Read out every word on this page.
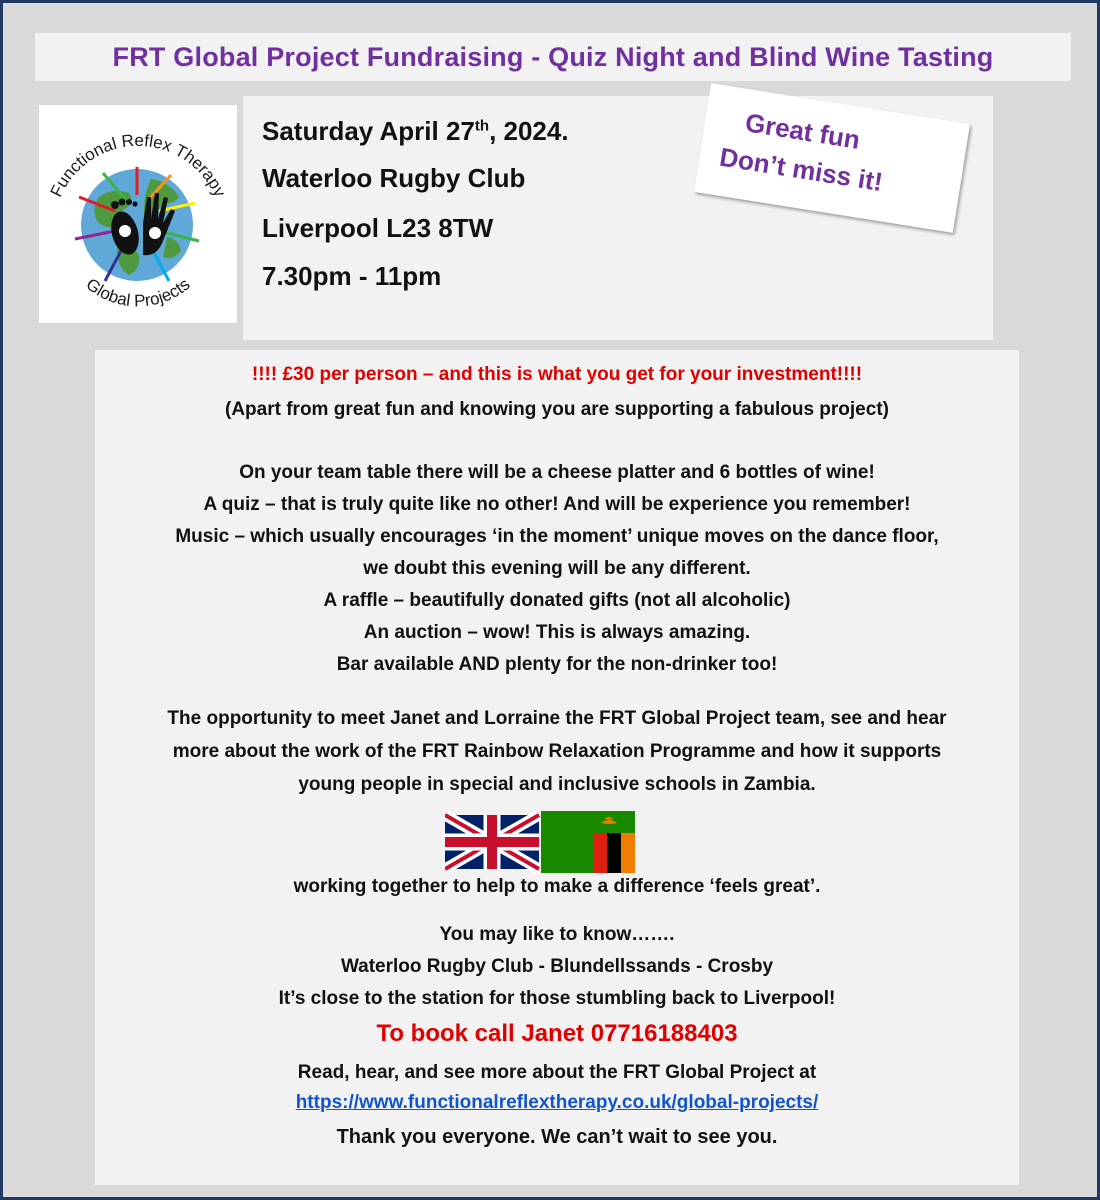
FRT Global Project Fundraising - Quiz Night and Blind Wine Tasting
Functional Reflex Therapy
Global Projects
Saturday April 27th, 2024.
Waterloo Rugby Club
Liverpool L23 8TW
7.30pm - 11pm
Great fun
Don’t miss it!
!!!! £30 per person – and this is what you get for your investment!!!!
(Apart from great fun and knowing you are supporting a fabulous project)
On your team table there will be a cheese platter and 6 bottles of wine!
A quiz – that is truly quite like no other! And will be experience you remember!
Music – which usually encourages ‘in the moment’ unique moves on the dance floor,
we doubt this evening will be any different.
A raffle – beautifully donated gifts (not all alcoholic)
An auction – wow! This is always amazing.
Bar available AND plenty for the non-drinker too!
The opportunity to meet Janet and Lorraine the FRT Global Project team, see and hear
more about the work of the FRT Rainbow Relaxation Programme and how it supports
young people in special and inclusive schools in Zambia.
working together to help to make a difference ‘feels great’.
You may like to know…….
Waterloo Rugby Club - Blundellssands - Crosby
It’s close to the station for those stumbling back to Liverpool!
To book call Janet 07716188403
Read, hear, and see more about the FRT Global Project at
https://www.functionalreflextherapy.co.uk/global-projects/
Thank you everyone. We can’t wait to see you.
